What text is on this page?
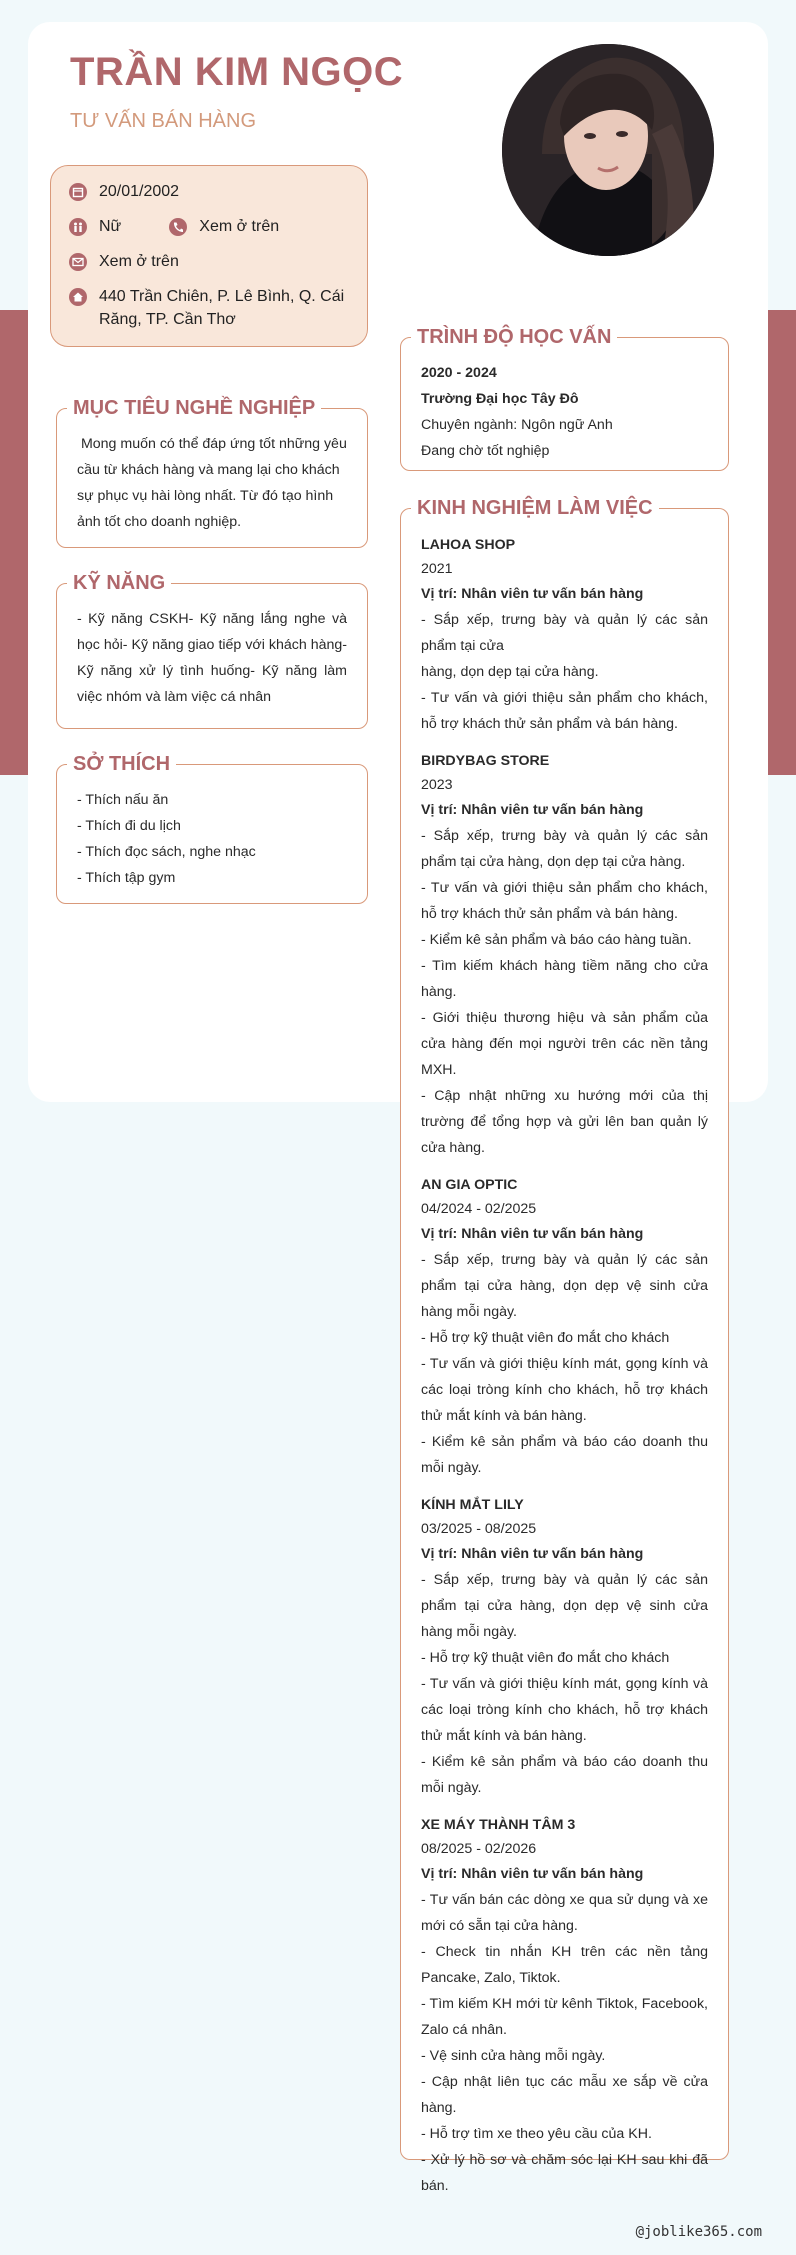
TRẦN KIM NGỌC
TƯ VẤN BÁN HÀNG
20/01/2002
Nữ	Xem ở trên
Xem ở trên
440 Trần Chiên, P. Lê Bình, Q. Cái Răng, TP. Cần Thơ
MỤC TIÊU NGHỀ NGHIỆP
Mong muốn có thể đáp ứng tốt những yêu cầu từ khách hàng và mang lại cho khách sự phục vụ hài lòng nhất. Từ đó tạo hình ảnh tốt cho doanh nghiệp.
KỸ NĂNG
- Kỹ năng CSKH- Kỹ năng lắng nghe và học hỏi- Kỹ năng giao tiếp với khách hàng- Kỹ năng xử lý tình huống- Kỹ năng làm việc nhóm và làm việc cá nhân
SỞ THÍCH
- Thích nấu ăn
- Thích đi du lịch
- Thích đọc sách, nghe nhạc
- Thích tập gym
TRÌNH ĐỘ HỌC VẤN
2020 - 2024
Trường Đại học Tây Đô
Chuyên ngành: Ngôn ngữ Anh
Đang chờ tốt nghiệp
KINH NGHIỆM LÀM VIỆC
LAHOA SHOP
2021
Vị trí: Nhân viên tư vấn bán hàng
- Sắp xếp, trưng bày và quản lý các sản phẩm tại cửa
hàng, dọn dẹp tại cửa hàng.
- Tư vấn và giới thiệu sản phẩm cho khách, hỗ trợ khách thử sản phẩm và bán hàng.
BIRDYBAG STORE
2023
Vị trí: Nhân viên tư vấn bán hàng
- Sắp xếp, trưng bày và quản lý các sản phẩm tại cửa hàng, dọn dẹp tại cửa hàng.
- Tư vấn và giới thiệu sản phẩm cho khách, hỗ trợ khách thử sản phẩm và bán hàng.
- Kiểm kê sản phẩm và báo cáo hàng tuần.
- Tìm kiếm khách hàng tiềm năng cho cửa hàng.
- Giới thiệu thương hiệu và sản phẩm của cửa hàng đến mọi người trên các nền tảng MXH.
- Cập nhật những xu hướng mới của thị trường để tổng hợp và gửi lên ban quản lý cửa hàng.
AN GIA OPTIC
04/2024 - 02/2025
Vị trí: Nhân viên tư vấn bán hàng
- Sắp xếp, trưng bày và quản lý các sản phẩm tại cửa hàng, dọn dẹp vệ sinh cửa hàng mỗi ngày.
- Hỗ trợ kỹ thuật viên đo mắt cho khách
- Tư vấn và giới thiệu kính mát, gọng kính và các loại tròng kính cho khách, hỗ trợ khách thử mắt kính và bán hàng.
- Kiểm kê sản phẩm và báo cáo doanh thu mỗi ngày.
KÍNH MẮT LILY
03/2025 - 08/2025
Vị trí: Nhân viên tư vấn bán hàng
- Sắp xếp, trưng bày và quản lý các sản phẩm tại cửa hàng, dọn dẹp vệ sinh cửa hàng mỗi ngày.
- Hỗ trợ kỹ thuật viên đo mắt cho khách
- Tư vấn và giới thiệu kính mát, gọng kính và các loại tròng kính cho khách, hỗ trợ khách thử mắt kính và bán hàng.
- Kiểm kê sản phẩm và báo cáo doanh thu mỗi ngày.
XE MÁY THÀNH TÂM 3
08/2025 - 02/2026
Vị trí: Nhân viên tư vấn bán hàng
- Tư vấn bán các dòng xe qua sử dụng và xe mới có sẵn tại cửa hàng.
- Check tin nhắn KH trên các nền tảng Pancake, Zalo, Tiktok.
- Tìm kiếm KH mới từ kênh Tiktok, Facebook, Zalo cá nhân.
- Vệ sinh cửa hàng mỗi ngày.
- Cập nhật liên tục các mẫu xe sắp về cửa hàng.
- Hỗ trợ tìm xe theo yêu cầu của KH.
- Xử lý hồ sơ và chăm sóc lại KH sau khi đã bán.
@joblike365.com
